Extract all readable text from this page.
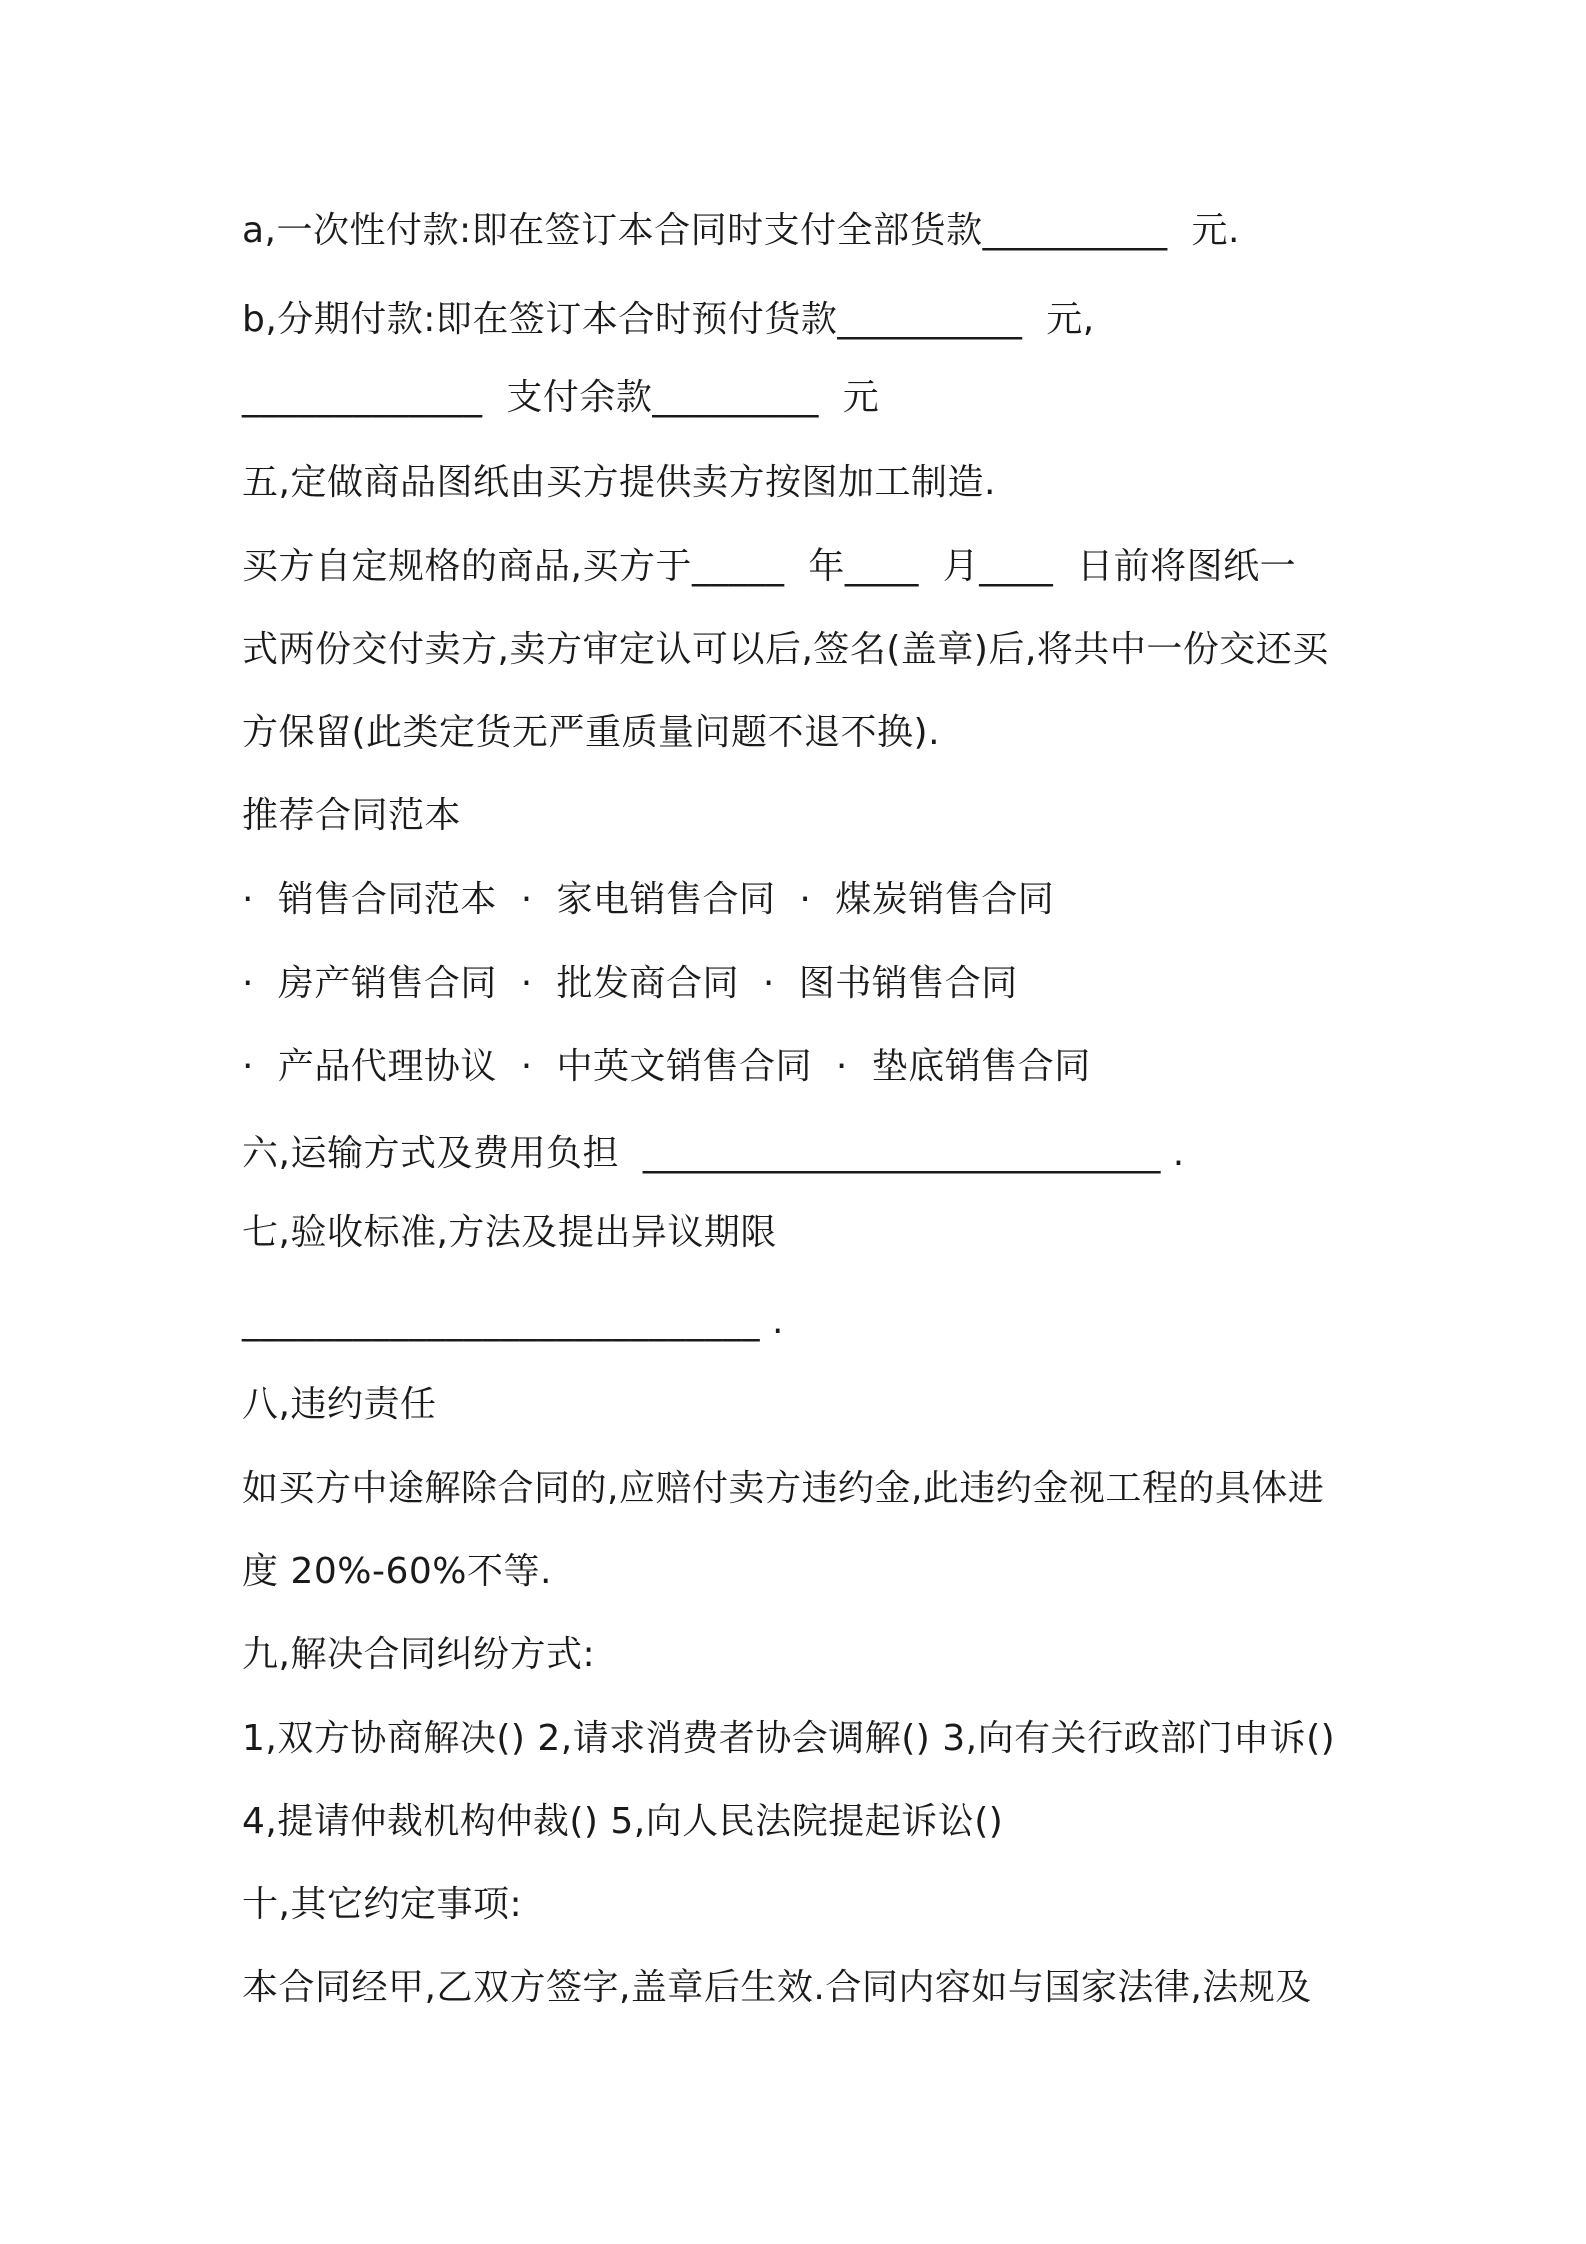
a,一次性付款:即在签订本合同时支付全部货款__________  元.
b,分期付款:即在签订本合时预付货款__________  元,
_____________  支付余款_________  元
五,定做商品图纸由买方提供卖方按图加工制造.
买方自定规格的商品,买方于_____  年____  月____  日前将图纸一
式两份交付卖方,卖方审定认可以后,签名(盖章)后,将共中一份交还买
方保留(此类定货无严重质量问题不退不换).
推荐合同范本
·  销售合同范本  ·  家电销售合同  ·  煤炭销售合同
·  房产销售合同  ·  批发商合同  ·  图书销售合同
·  产品代理协议  ·  中英文销售合同  ·  垫底销售合同
六,运输方式及费用负担  ____________________________ .
七,验收标准,方法及提出异议期限
____________________________ .
八,违约责任
如买方中途解除合同的,应赔付卖方违约金,此违约金视工程的具体进
度 20%-60%不等.
九,解决合同纠纷方式:
1,双方协商解决() 2,请求消费者协会调解() 3,向有关行政部门申诉()
4,提请仲裁机构仲裁() 5,向人民法院提起诉讼()
十,其它约定事项:
本合同经甲,乙双方签字,盖章后生效.合同内容如与国家法律,法规及
